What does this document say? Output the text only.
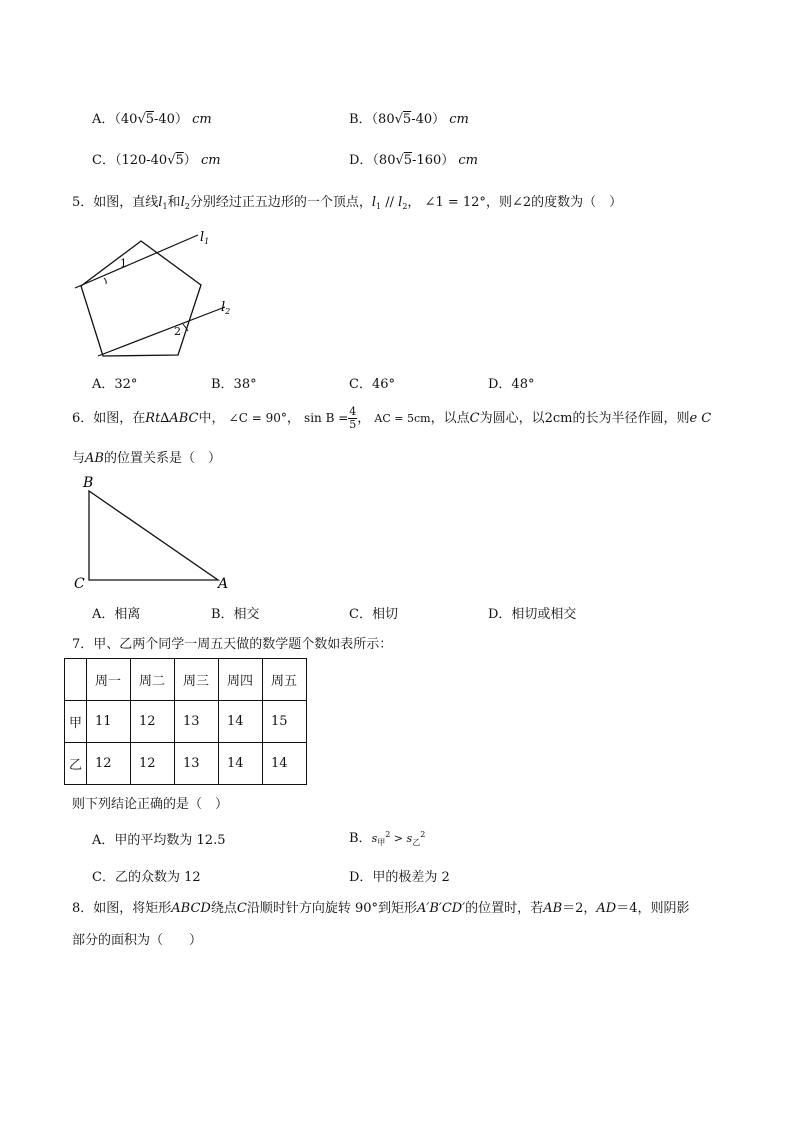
A．（40√5-40） cm	B．（80√5-40） cm
C．（120-40√5） cm	D．（80√5-160） cm
5．如图，直线$l_1$和$l_2$分别经过正五边形的一个顶点，$l_1 // l_2$， ∠1 = 12°，则∠2的度数为（　）
1
2
$l_1$
$l_2$
A．32°	B．38°	C．46°	D．48°
6．如图，在Rt∆ABC中， ∠C = 90°， $\sin B = \frac{4}{5}$ ， AC = 5cm，以点C为圆心，以2cm的长为半径作圆，则e C
与AB的位置关系是（　）
B
C	A
A．相离	B．相交	C．相切	D．相切或相交
7．甲、乙两个同学一周五天做的数学题个数如表所示：
	周一	周二	周三	周四	周五
甲	11	12	13	14	15
乙	12	12	13	14	14
则下列结论正确的是（　）
A．甲的平均数为 12.5	B．$s_甲^2 > s_乙^2$
C．乙的众数为 12	D．甲的极差为 2
8．如图，将矩形ABCD绕点C沿顺时针方向旋转 90°到矩形A′B′CD′的位置时，若AB＝2，AD＝4，则阴影
部分的面积为（　　）
